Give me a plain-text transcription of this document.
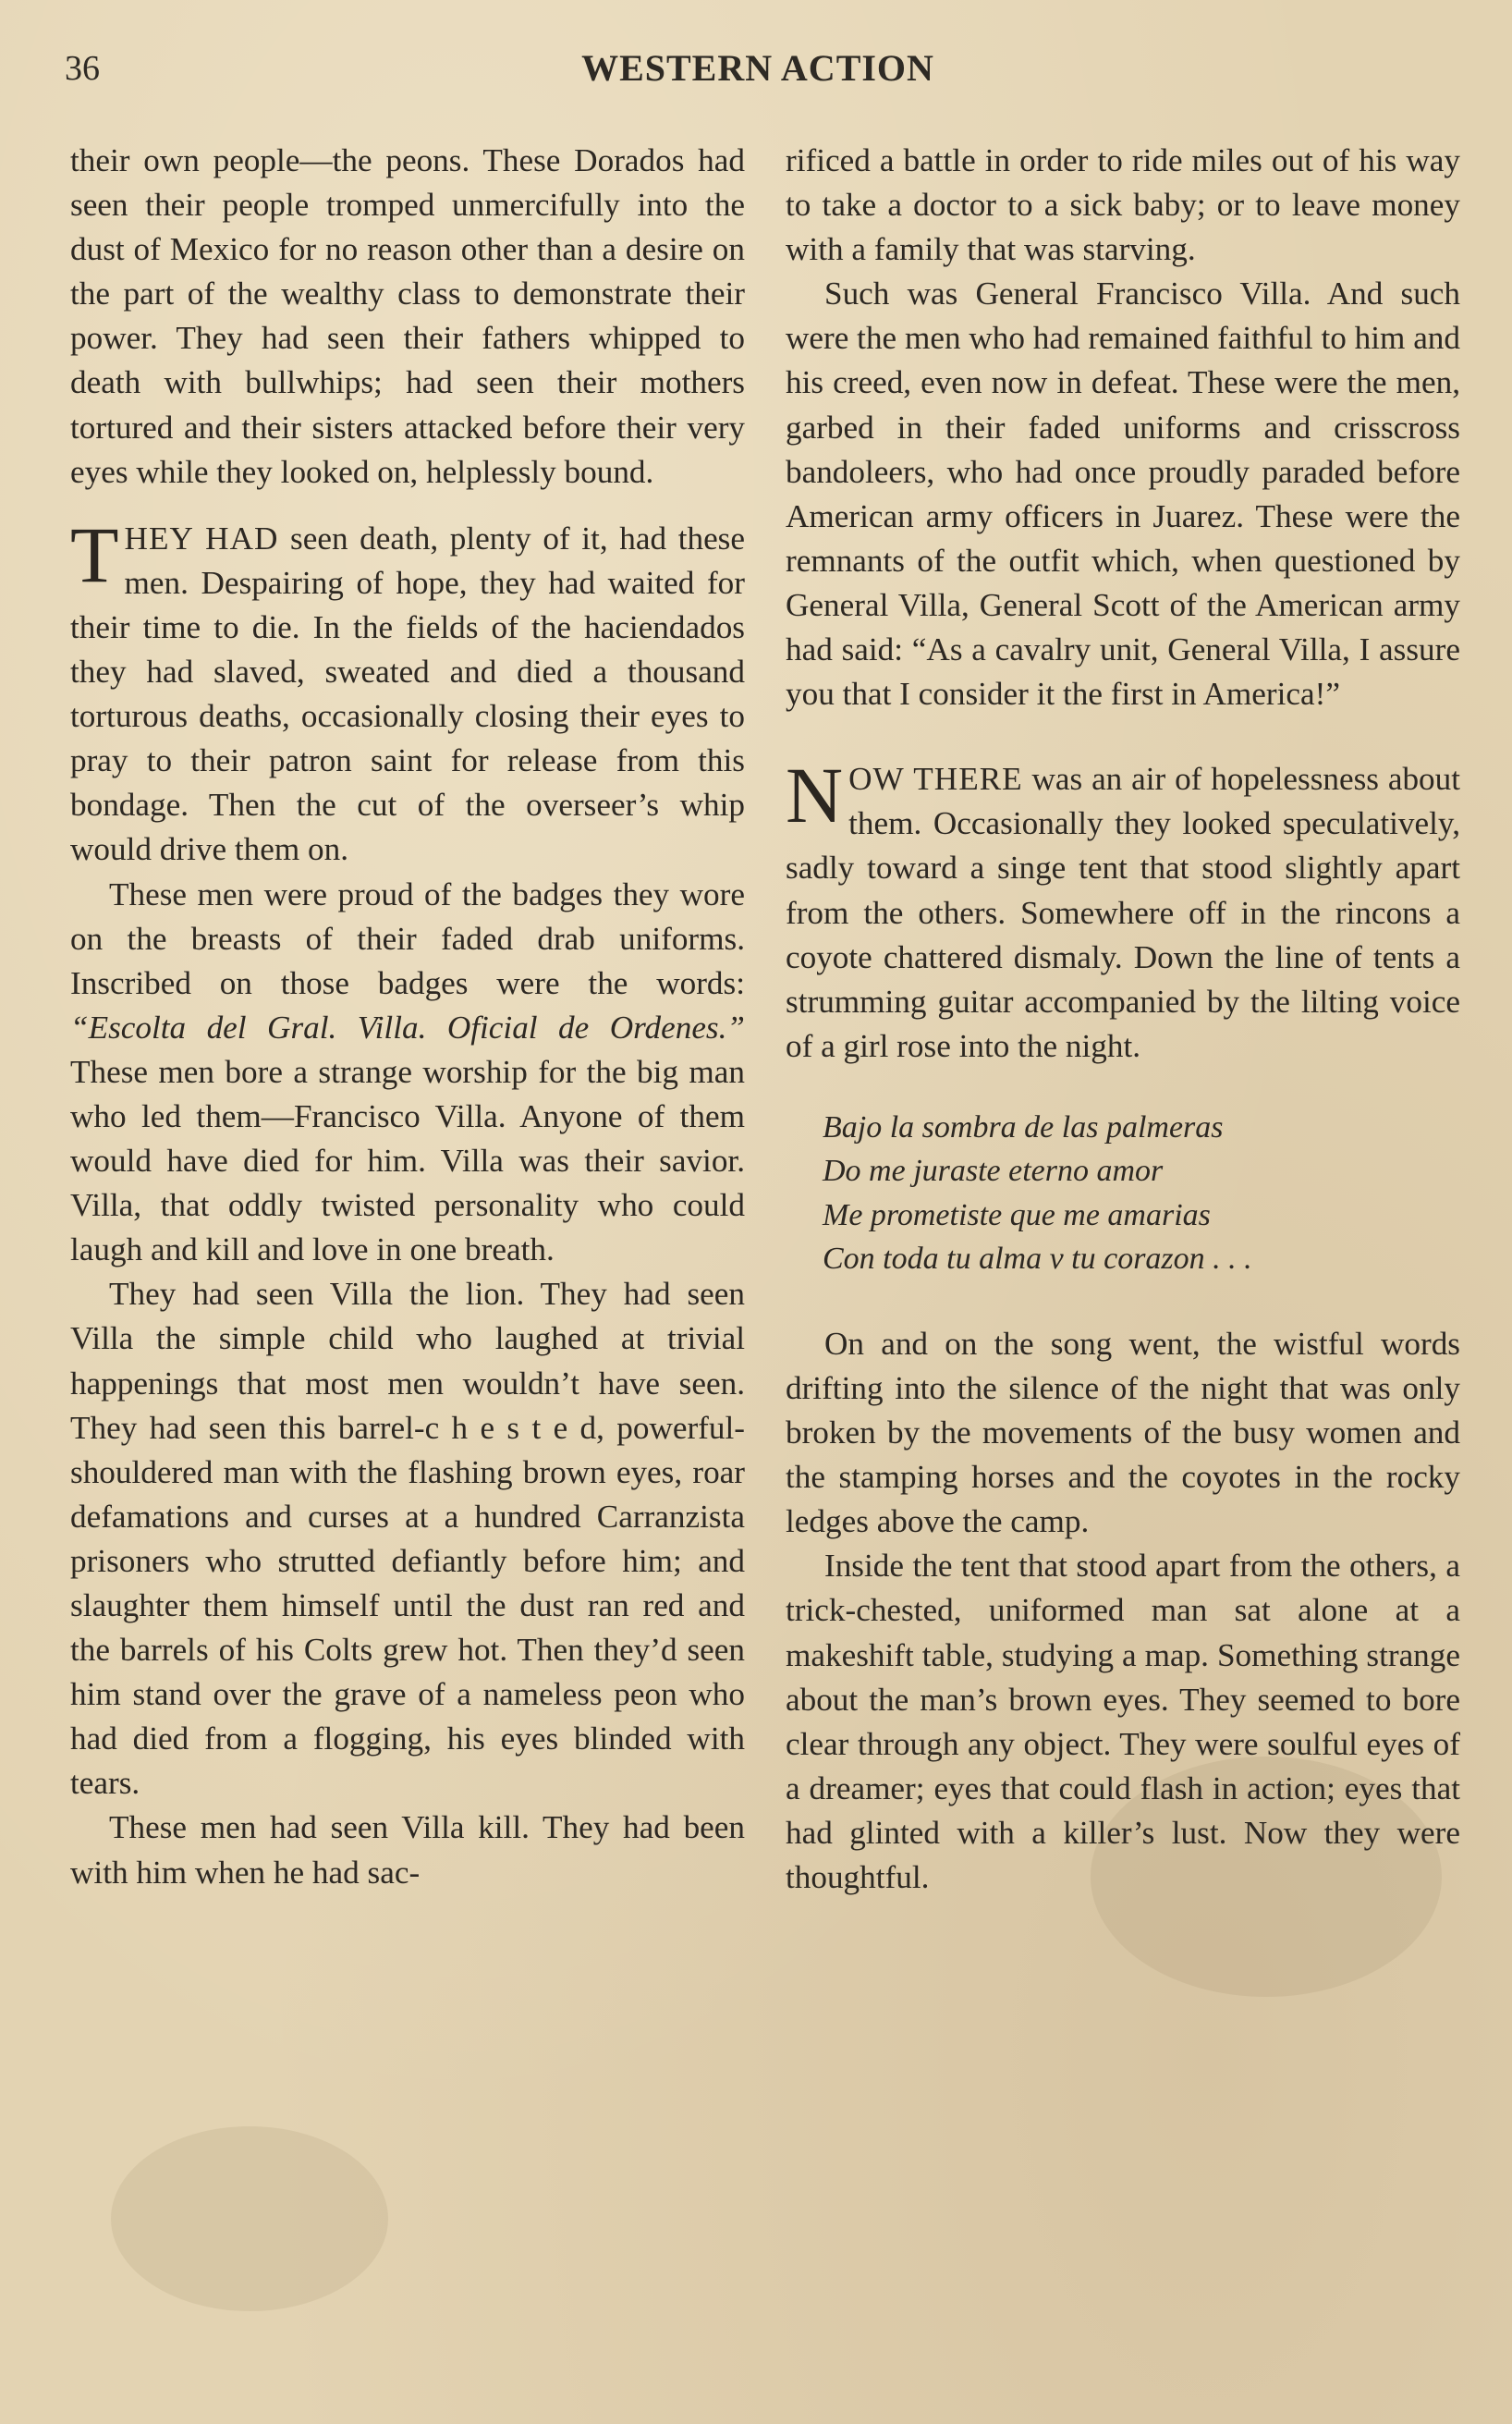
36	WESTERN ACTION

their own people—the peons. These Dorados had seen their people tromped unmercifully into the dust of Mexico for no reason other than a desire on the part of the wealthy class to demonstrate their power. They had seen their fathers whipped to death with bullwhips; had seen their mothers tortured and their sisters attacked before their very eyes while they looked on, helplessly bound.

THEY HAD seen death, plenty of it, had these men. Despairing of hope, they had waited for their time to die. In the fields of the haciendados they had slaved, sweated and died a thousand torturous deaths, occasionally closing their eyes to pray to their patron saint for release from this bondage. Then the cut of the overseer’s whip would drive them on.

These men were proud of the badges they wore on the breasts of their faded drab uniforms. Inscribed on those badges were the words: “Escolta del Gral. Villa. Oficial de Ordenes.” These men bore a strange worship for the big man who led them—Francisco Villa. Anyone of them would have died for him. Villa was their savior. Villa, that oddly twisted personality who could laugh and kill and love in one breath.

They had seen Villa the lion. They had seen Villa the simple child who laughed at trivial happenings that most men wouldn’t have seen. They had seen this barrel-c h e s t e d, powerful-shouldered man with the flashing brown eyes, roar defamations and curses at a hundred Carranzista prisoners who strutted defiantly before him; and slaughter them himself until the dust ran red and the barrels of his Colts grew hot. Then they’d seen him stand over the grave of a nameless peon who had died from a flogging, his eyes blinded with tears.

These men had seen Villa kill. They had been with him when he had sac-

rificed a battle in order to ride miles out of his way to take a doctor to a sick baby; or to leave money with a family that was starving.

Such was General Francisco Villa. And such were the men who had remained faithful to him and his creed, even now in defeat. These were the men, garbed in their faded uniforms and crisscross bandoleers, who had once proudly paraded before American army officers in Juarez. These were the remnants of the outfit which, when questioned by General Villa, General Scott of the American army had said: “As a cavalry unit, General Villa, I assure you that I consider it the first in America!”

NOW THERE was an air of hopelessness about them. Occasionally they looked speculatively, sadly toward a singe tent that stood slightly apart from the others. Somewhere off in the rincons a coyote chattered dismaly. Down the line of tents a strumming guitar accompanied by the lilting voice of a girl rose into the night.

Bajo la sombra de las palmeras
Do me juraste eterno amor
Me prometiste que me amarias
Con toda tu alma v tu corazon . . .

On and on the song went, the wistful words drifting into the silence of the night that was only broken by the movements of the busy women and the stamping horses and the coyotes in the rocky ledges above the camp.

Inside the tent that stood apart from the others, a trick-chested, uniformed man sat alone at a makeshift table, studying a map. Something strange about the man’s brown eyes. They seemed to bore clear through any object. They were soulful eyes of a dreamer; eyes that could flash in action; eyes that had glinted with a killer’s lust. Now they were thoughtful.
